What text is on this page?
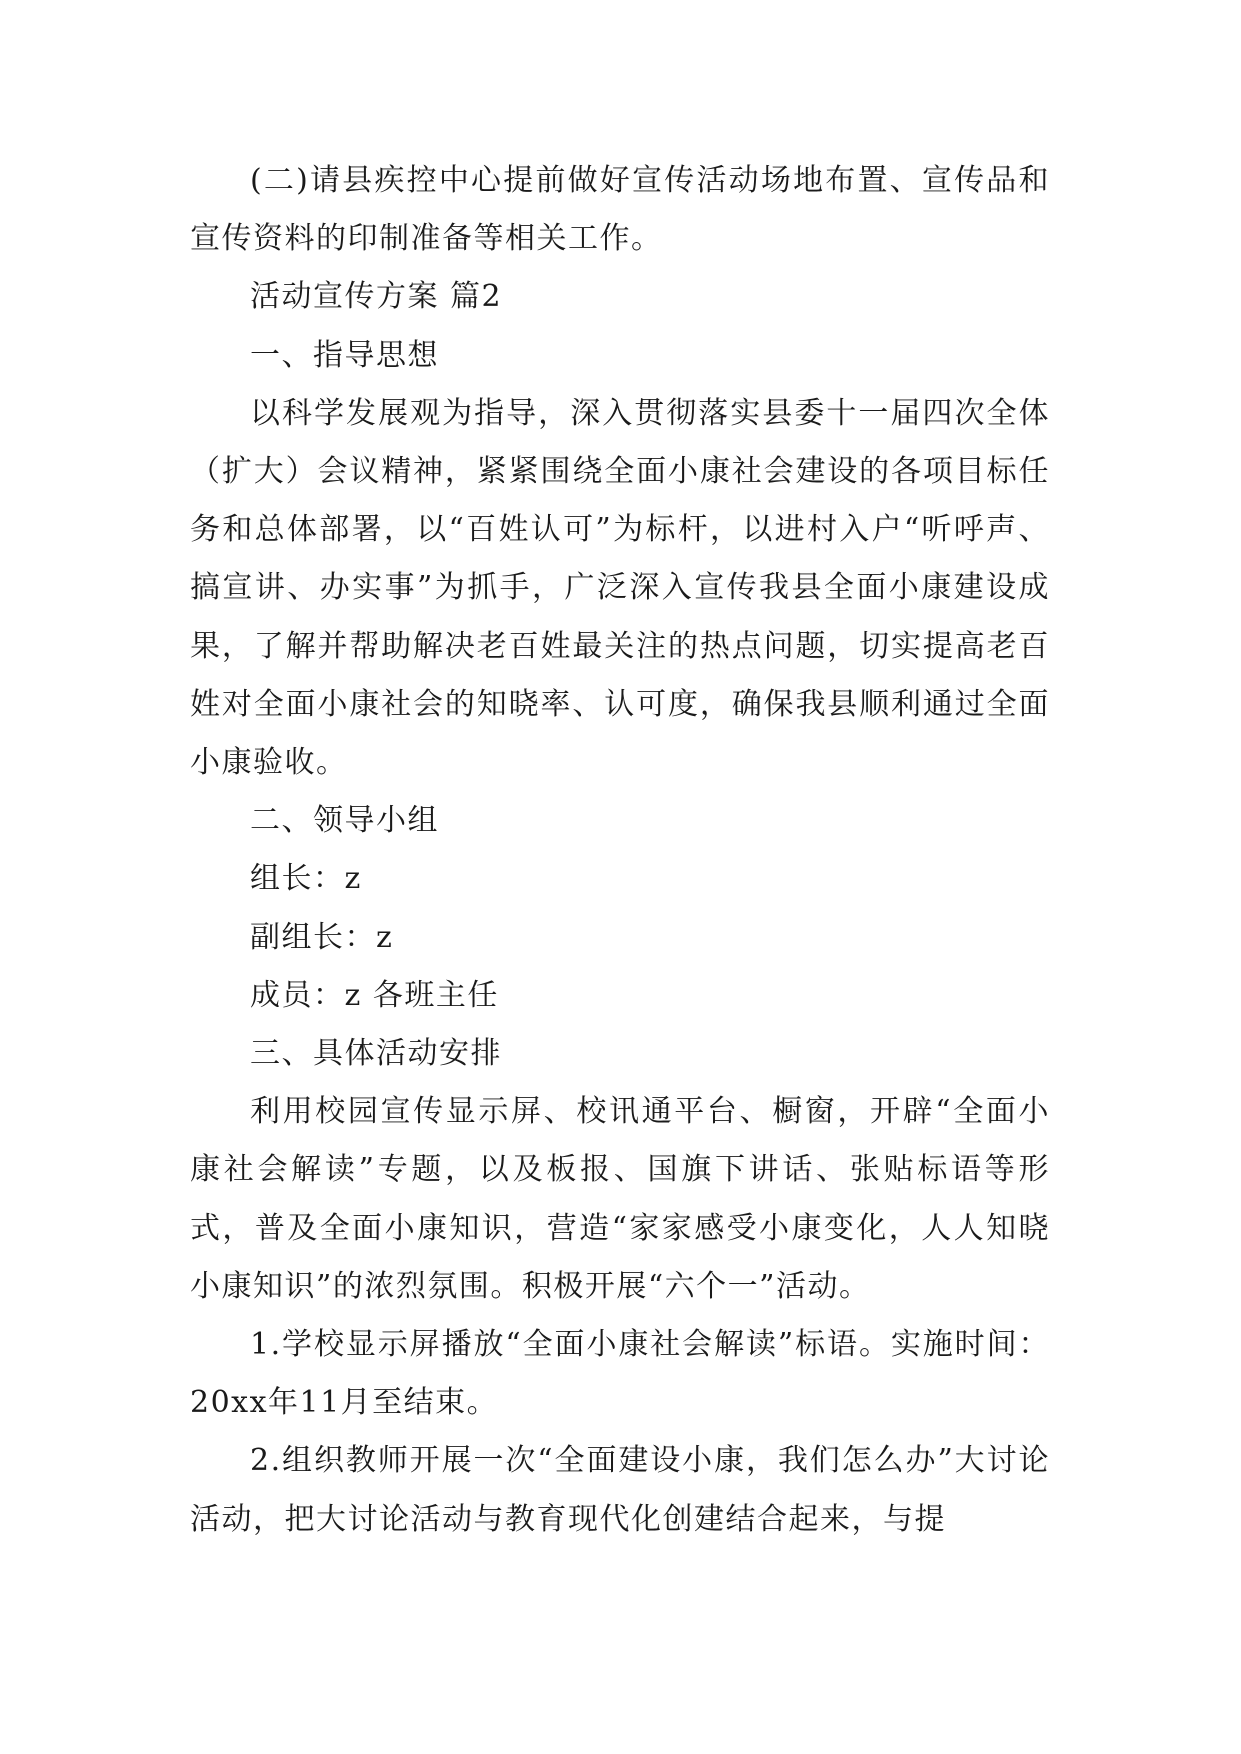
(二)请县疾控中心提前做好宣传活动场地布置、宣传品和宣传资料的印制准备等相关工作。

活动宣传方案 篇2

一、指导思想

以科学发展观为指导，深入贯彻落实县委十一届四次全体（扩大）会议精神，紧紧围绕全面小康社会建设的各项目标任务和总体部署，以“百姓认可”为标杆，以进村入户“听呼声、搞宣讲、办实事”为抓手，广泛深入宣传我县全面小康建设成果，了解并帮助解决老百姓最关注的热点问题，切实提高老百姓对全面小康社会的知晓率、认可度，确保我县顺利通过全面小康验收。

二、领导小组

组长：z

副组长：z

成员：z 各班主任

三、具体活动安排

利用校园宣传显示屏、校讯通平台、橱窗，开辟“全面小康社会解读”专题，以及板报、国旗下讲话、张贴标语等形式，普及全面小康知识，营造“家家感受小康变化，人人知晓小康知识”的浓烈氛围。积极开展“六个一”活动。

1.学校显示屏播放“全面小康社会解读”标语。实施时间：20xx年11月至结束。

2.组织教师开展一次“全面建设小康，我们怎么办”大讨论活动，把大讨论活动与教育现代化创建结合起来，与提
